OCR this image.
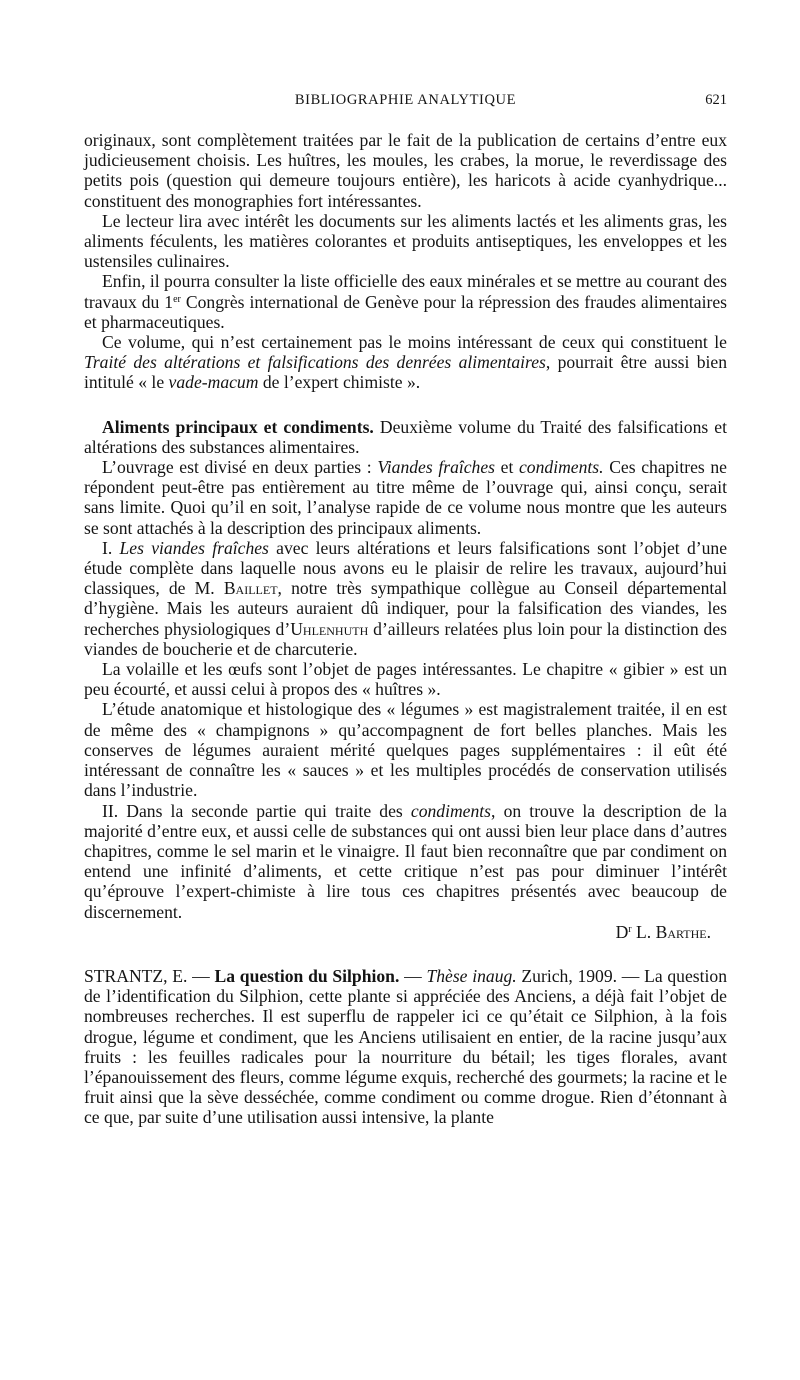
BIBLIOGRAPHIE ANALYTIQUE	621

originaux, sont complètement traitées par le fait de la publication de certains d’entre eux judicieusement choisis. Les huîtres, les moules, les crabes, la morue, le reverdissage des petits pois (question qui demeure toujours entière), les haricots à acide cyanhydrique... constituent des monographies fort intéressantes.

Le lecteur lira avec intérêt les documents sur les aliments lactés et les aliments gras, les aliments féculents, les matières colorantes et produits antiseptiques, les enveloppes et les ustensiles culinaires.

Enfin, il pourra consulter la liste officielle des eaux minérales et se mettre au courant des travaux du 1er Congrès international de Genève pour la répression des fraudes alimentaires et pharmaceutiques.

Ce volume, qui n’est certainement pas le moins intéressant de ceux qui constituent le Traité des altérations et falsifications des denrées alimentaires, pourrait être aussi bien intitulé « le vade-macum de l’expert chimiste ».

Aliments principaux et condiments. Deuxième volume du Traité des falsifications et altérations des substances alimentaires.

L’ouvrage est divisé en deux parties : Viandes fraîches et condiments. Ces chapitres ne répondent peut-être pas entièrement au titre même de l’ouvrage qui, ainsi conçu, serait sans limite. Quoi qu’il en soit, l’analyse rapide de ce volume nous montre que les auteurs se sont attachés à la description des principaux aliments.

I. Les viandes fraîches avec leurs altérations et leurs falsifications sont l’objet d’une étude complète dans laquelle nous avons eu le plaisir de relire les travaux, aujourd’hui classiques, de M. Baillet, notre très sympathique collègue au Conseil départemental d’hygiène. Mais les auteurs auraient dû indiquer, pour la falsification des viandes, les recherches physiologiques d’Uhlenhuth d’ailleurs relatées plus loin pour la distinction des viandes de boucherie et de charcuterie.

La volaille et les œufs sont l’objet de pages intéressantes. Le chapitre « gibier » est un peu écourté, et aussi celui à propos des « huîtres ».

L’étude anatomique et histologique des « légumes » est magistralement traitée, il en est de même des « champignons » qu’accompagnent de fort belles planches. Mais les conserves de légumes auraient mérité quelques pages supplémentaires : il eût été intéressant de connaître les « sauces » et les multiples procédés de conservation utilisés dans l’industrie.

II. Dans la seconde partie qui traite des condiments, on trouve la description de la majorité d’entre eux, et aussi celle de substances qui ont aussi bien leur place dans d’autres chapitres, comme le sel marin et le vinaigre. Il faut bien reconnaître que par condiment on entend une infinité d’aliments, et cette critique n’est pas pour diminuer l’intérêt qu’éprouve l’expert-chimiste à lire tous ces chapitres présentés avec beaucoup de discernement.

$D^r$ L. Barthe.

STRANTZ, E. — La question du Silphion. — Thèse inaug. Zurich, 1909. — La question de l’identification du Silphion, cette plante si appréciée des Anciens, a déjà fait l’objet de nombreuses recherches. Il est superflu de rappeler ici ce qu’était ce Silphion, à la fois drogue, légume et condiment, que les Anciens utilisaient en entier, de la racine jusqu’aux fruits : les feuilles radicales pour la nourriture du bétail; les tiges florales, avant l’épanouissement des fleurs, comme légume exquis, recherché des gourmets; la racine et le fruit ainsi que la sève desséchée, comme condiment ou comme drogue. Rien d’étonnant à ce que, par suite d’une utilisation aussi intensive, la plante
